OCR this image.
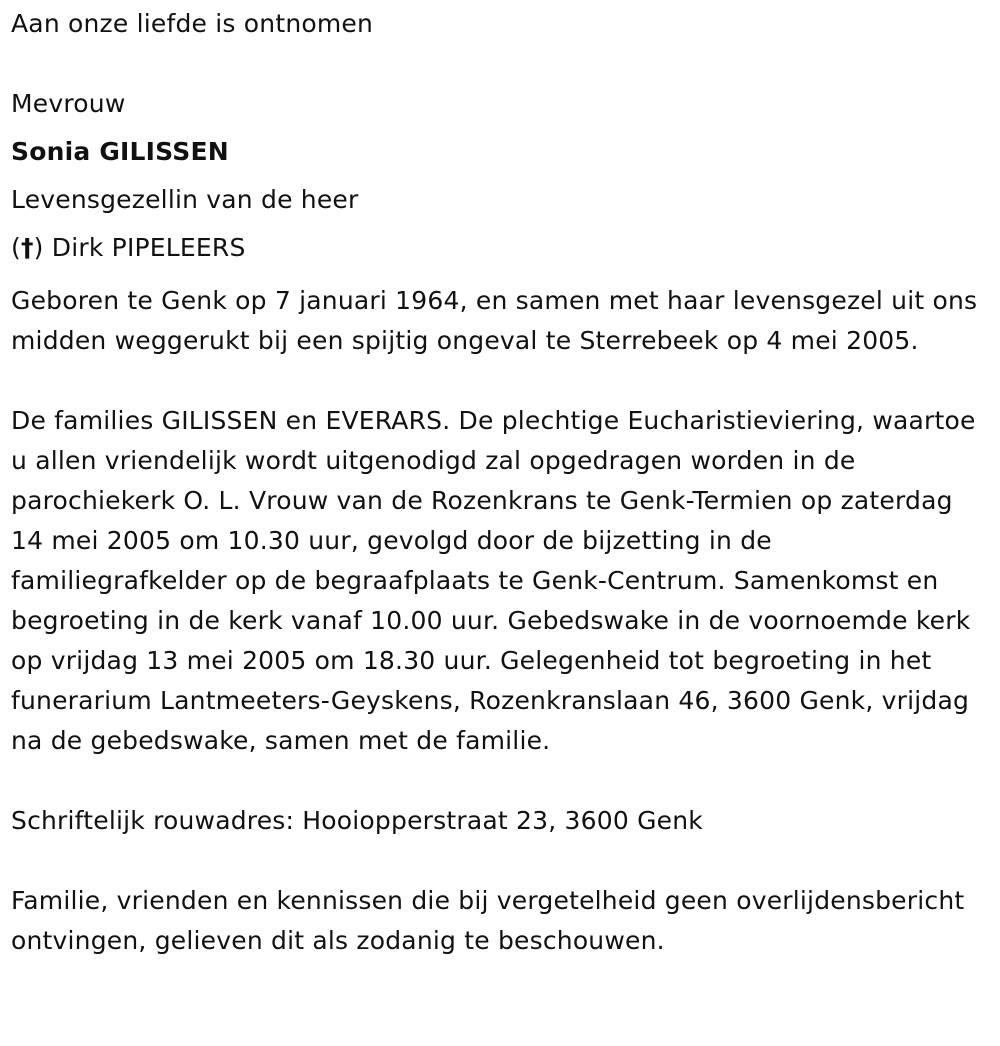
Aan onze liefde is ontnomen

Mevrouw

Sonia GILISSEN

Levensgezellin van de heer

(†) Dirk PIPELEERS

Geboren te Genk op 7 januari 1964, en samen met haar levensgezel uit ons midden weggerukt bij een spijtig ongeval te Sterrebeek op 4 mei 2005.

De families GILISSEN en EVERARS. De plechtige Eucharistieviering, waartoe u allen vriendelijk wordt uitgenodigd zal opgedragen worden in de parochiekerk O. L. Vrouw van de Rozenkrans te Genk-Termien op zaterdag 14 mei 2005 om 10.30 uur, gevolgd door de bijzetting in de familiegrafkelder op de begraafplaats te Genk-Centrum. Samenkomst en begroeting in de kerk vanaf 10.00 uur. Gebedswake in de voornoemde kerk op vrijdag 13 mei 2005 om 18.30 uur. Gelegenheid tot begroeting in het funerarium Lantmeeters-Geyskens, Rozenkranslaan 46, 3600 Genk, vrijdag na de gebedswake, samen met de familie.

Schriftelijk rouwadres: Hooiopperstraat 23, 3600 Genk

Familie, vrienden en kennissen die bij vergetelheid geen overlijdensbericht ontvingen, gelieven dit als zodanig te beschouwen.
